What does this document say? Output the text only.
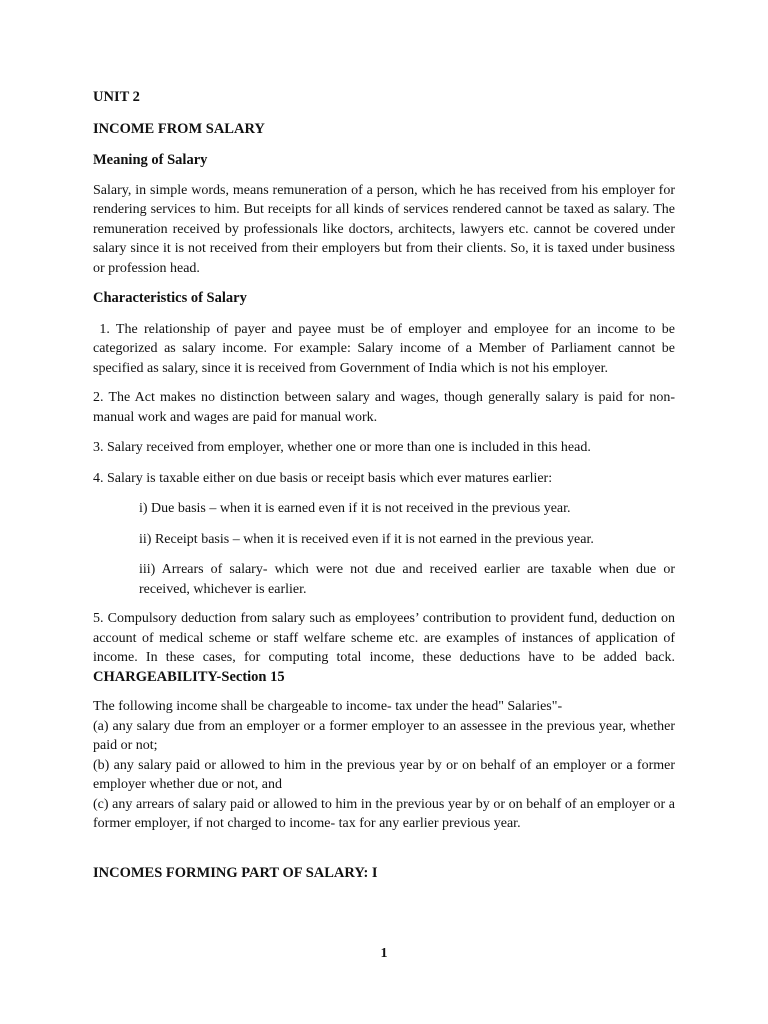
UNIT 2

INCOME FROM SALARY

Meaning of Salary

Salary, in simple words, means remuneration of a person, which he has received from his employer for rendering services to him. But receipts for all kinds of services rendered cannot be taxed as salary. The remuneration received by professionals like doctors, architects, lawyers etc. cannot be covered under salary since it is not received from their employers but from their clients. So, it is taxed under business or profession head.

Characteristics of Salary

1. The relationship of payer and payee must be of employer and employee for an income to be categorized as salary income. For example: Salary income of a Member of Parliament cannot be specified as salary, since it is received from Government of India which is not his employer.

2. The Act makes no distinction between salary and wages, though generally salary is paid for non-manual work and wages are paid for manual work.

3. Salary received from employer, whether one or more than one is included in this head.

4. Salary is taxable either on due basis or receipt basis which ever matures earlier:

i) Due basis – when it is earned even if it is not received in the previous year.

ii) Receipt basis – when it is received even if it is not earned in the previous year.

iii) Arrears of salary- which were not due and received earlier are taxable when due or received, whichever is earlier.

5. Compulsory deduction from salary such as employees’ contribution to provident fund, deduction on account of medical scheme or staff welfare scheme etc. are examples of instances of application of income. In these cases, for computing total income, these deductions have to be added back.

CHARGEABILITY-Section 15

The following income shall be chargeable to income- tax under the head" Salaries"-

(a) any salary due from an employer or a former employer to an assessee in the previous year, whether paid or not;

(b) any salary paid or allowed to him in the previous year by or on behalf of an employer or a former employer whether due or not, and

(c) any arrears of salary paid or allowed to him in the previous year by or on behalf of an employer or a former employer, if not charged to income- tax for any earlier previous year.

INCOMES FORMING PART OF SALARY: I

1
